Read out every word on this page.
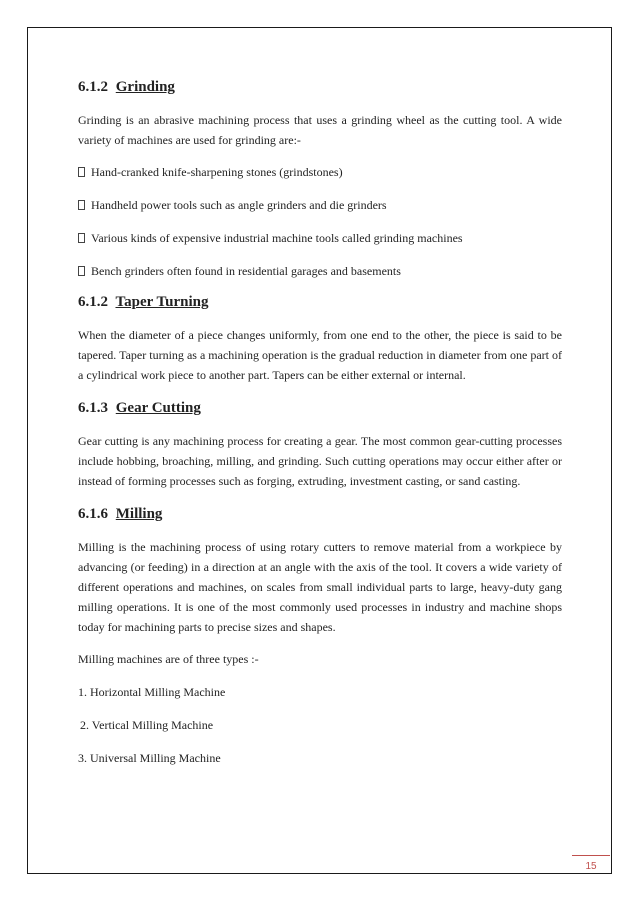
6.1.2 Grinding

Grinding is an abrasive machining process that uses a grinding wheel as the cutting tool. A wide variety of machines are used for grinding are:-

Hand-cranked knife-sharpening stones (grindstones)
Handheld power tools such as angle grinders and die grinders
Various kinds of expensive industrial machine tools called grinding machines
Bench grinders often found in residential garages and basements
6.1.2 Taper Turning

When the diameter of a piece changes uniformly, from one end to the other, the piece is said to be tapered. Taper turning as a machining operation is the gradual reduction in diameter from one part of a cylindrical work piece to another part. Tapers can be either external or internal.

6.1.3 Gear Cutting

Gear cutting is any machining process for creating a gear. The most common gear-cutting processes include hobbing, broaching, milling, and grinding. Such cutting operations may occur either after or instead of forming processes such as forging, extruding, investment casting, or sand casting.

6.1.6 Milling

Milling is the machining process of using rotary cutters to remove material from a workpiece by advancing (or feeding) in a direction at an angle with the axis of the tool. It covers a wide variety of different operations and machines, on scales from small individual parts to large, heavy-duty gang milling operations. It is one of the most commonly used processes in industry and machine shops today for machining parts to precise sizes and shapes.

Milling machines are of three types :-
1. Horizontal Milling Machine
2. Vertical Milling Machine
3. Universal Milling Machine
15
